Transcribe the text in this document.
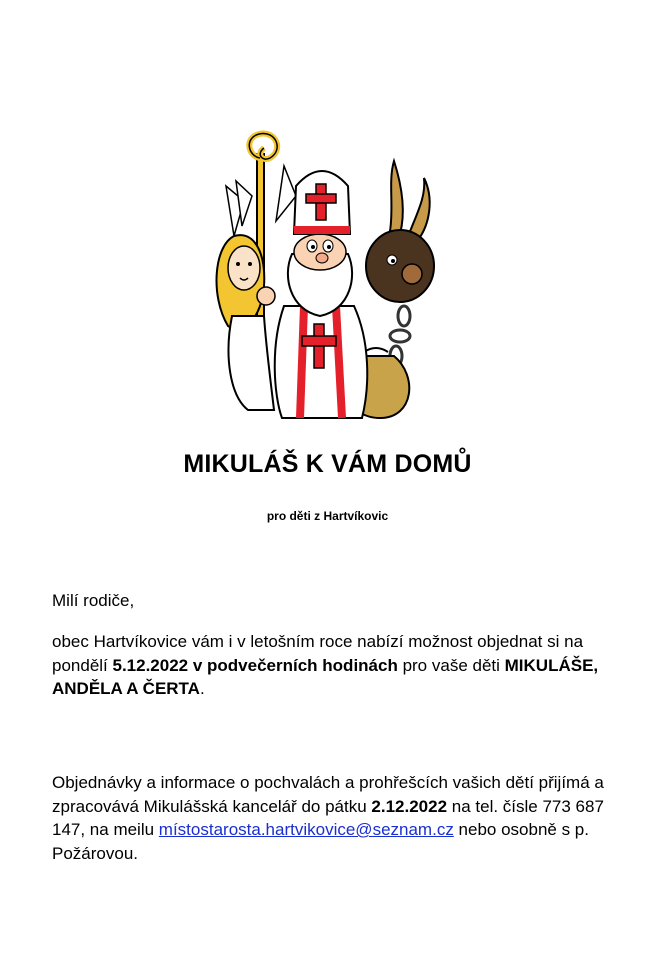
MIKULÁŠ K VÁM DOMŮ
pro děti z Hartvíkovic
Milí rodiče,
obec Hartvíkovice vám i v letošním roce nabízí možnost objednat si na pondělí 5.12.2022 v podvečerních hodinách pro vaše děti MIKULÁŠE, ANDĚLA A ČERTA.
Objednávky a informace o pochvalách a prohřešcích vašich dětí přijímá a zpracovává Mikulášská kancelář do pátku 2.12.2022 na tel. čísle 773 687 147, na meilu místostarosta.hartvikovice@seznam.cz nebo osobně s p. Požárovou.
